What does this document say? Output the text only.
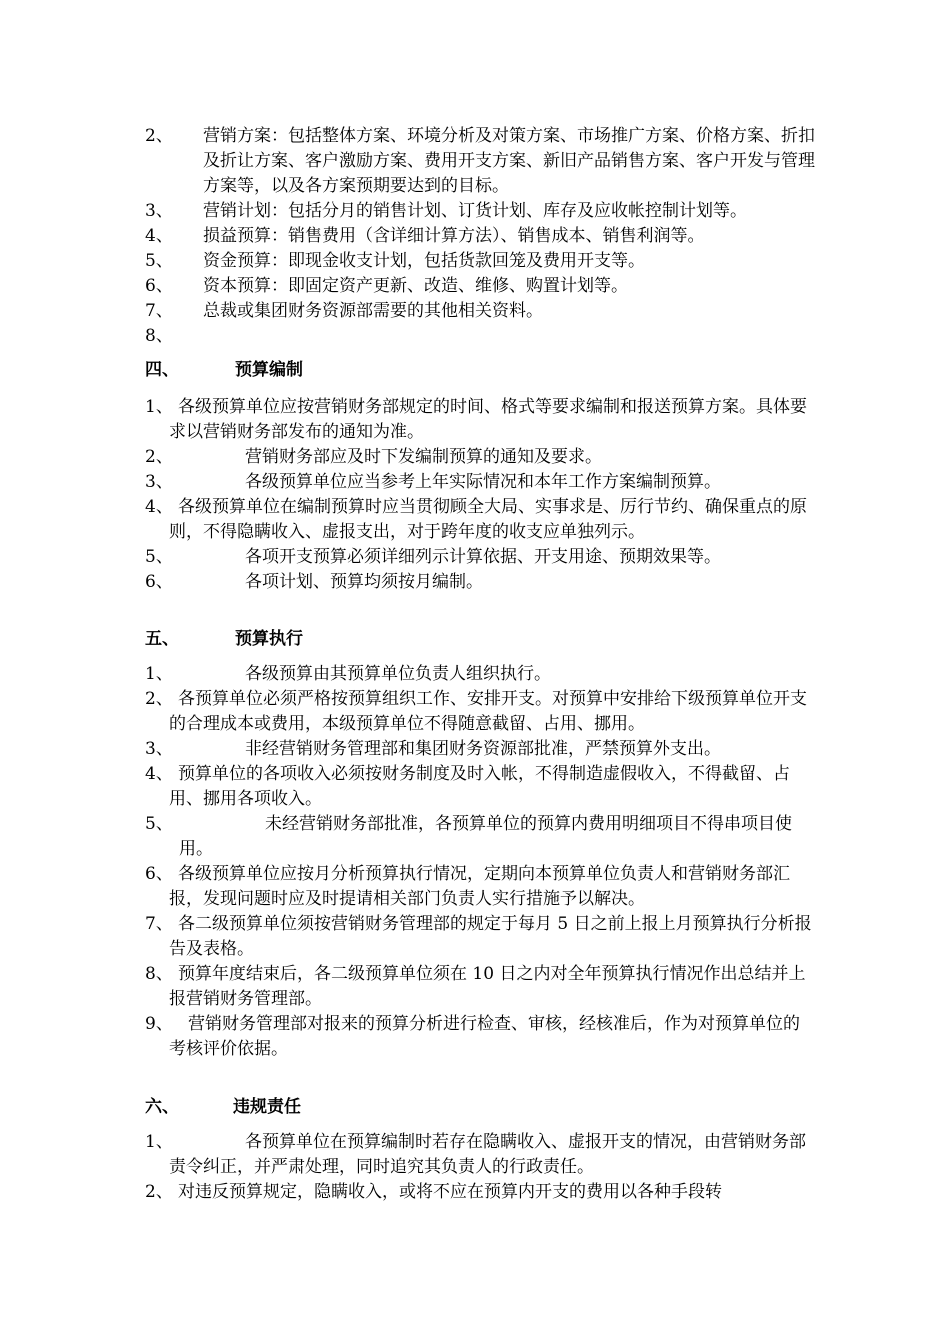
2、	营销方案：包括整体方案、环境分析及对策方案、市场推广方案、价格方案、折扣及折让方案、客户激励方案、费用开支方案、新旧产品销售方案、客户开发与管理方案等，以及各方案预期要达到的目标。
3、	营销计划：包括分月的销售计划、订货计划、库存及应收帐控制计划等。
4、	损益预算：销售费用（含详细计算方法）、销售成本、销售利润等。
5、	资金预算：即现金收支计划，包括货款回笼及费用开支等。
6、	资本预算：即固定资产更新、改造、维修、购置计划等。
7、	总裁或集团财务资源部需要的其他相关资料。
8、
四、	预算编制
1、 各级预算单位应按营销财务部规定的时间、格式等要求编制和报送预算方案。具体要求以营销财务部发布的通知为准。
2、	营销财务部应及时下发编制预算的通知及要求。
3、	各级预算单位应当参考上年实际情况和本年工作方案编制预算。
4、 各级预算单位在编制预算时应当贯彻顾全大局、实事求是、厉行节约、确保重点的原则，不得隐瞒收入、虚报支出，对于跨年度的收支应单独列示。
5、	各项开支预算必须详细列示计算依据、开支用途、预期效果等。
6、	各项计划、预算均须按月编制。
五、	预算执行
1、	各级预算由其预算单位负责人组织执行。
2、 各预算单位必须严格按预算组织工作、安排开支。对预算中安排给下级预算单位开支的合理成本或费用，本级预算单位不得随意截留、占用、挪用。
3、	非经营销财务管理部和集团财务资源部批准，严禁预算外支出。
4、 预算单位的各项收入必须按财务制度及时入帐，不得制造虚假收入，不得截留、占用、挪用各项收入。
5、	未经营销财务部批准，各预算单位的预算内费用明细项目不得串项目使用。
6、 各级预算单位应按月分析预算执行情况，定期向本预算单位负责人和营销财务部汇报，发现问题时应及时提请相关部门负责人实行措施予以解决。
7、 各二级预算单位须按营销财务管理部的规定于每月 5 日之前上报上月预算执行分析报告及表格。
8、 预算年度结束后，各二级预算单位须在 10 日之内对全年预算执行情况作出总结并上报营销财务管理部。
9、 营销财务管理部对报来的预算分析进行检查、审核，经核准后，作为对预算单位的考核评价依据。
六、	违规责任
1、	各预算单位在预算编制时若存在隐瞒收入、虚报开支的情况，由营销财务部责令纠正，并严肃处理，同时追究其负责人的行政责任。
2、 对违反预算规定，隐瞒收入，或将不应在预算内开支的费用以各种手段转
